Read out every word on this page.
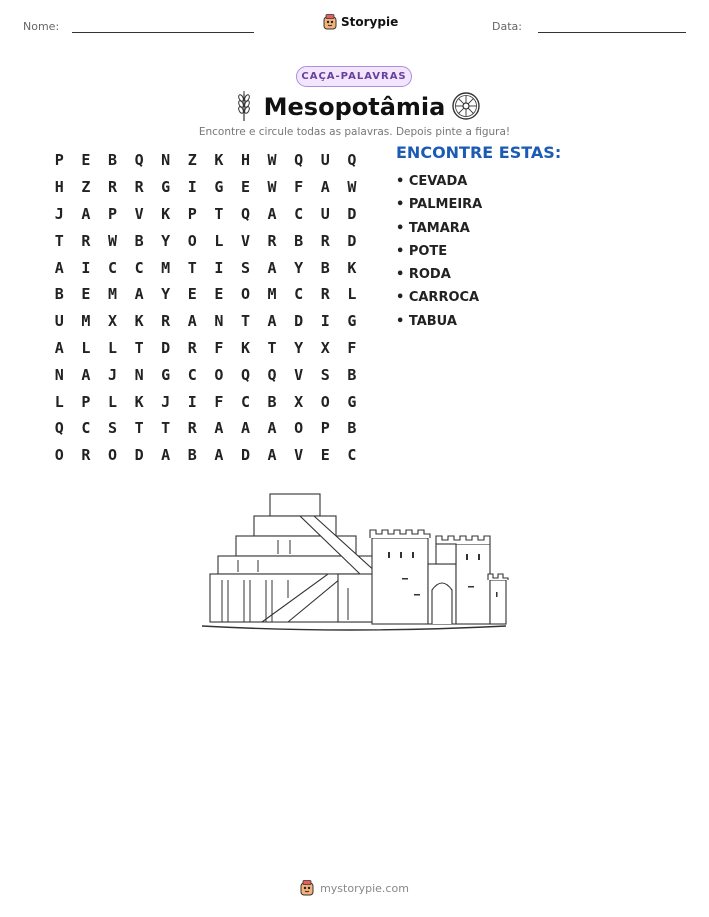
Nome:	Storypie	Data:
CAÇA-PALAVRAS
Mesopotâmia
Encontre e circule todas as palavras. Depois pinte a figura!
P	E	B	Q	N	Z	K	H	W	Q	U	Q
H	Z	R	R	G	I	G	E	W	F	A	W
J	A	P	V	K	P	T	Q	A	C	U	D
T	R	W	B	Y	O	L	V	R	B	R	D
A	I	C	C	M	T	I	S	A	Y	B	K
B	E	M	A	Y	E	E	O	M	C	R	L
U	M	X	K	R	A	N	T	A	D	I	G
A	L	L	T	D	R	F	K	T	Y	X	F
N	A	J	N	G	C	O	Q	Q	V	S	B
L	P	L	K	J	I	F	C	B	X	O	G
Q	C	S	T	T	R	A	A	A	O	P	B
O	R	O	D	A	B	A	D	A	V	E	C
ENCONTRE ESTAS:
• CEVADA
• PALMEIRA
• TAMARA
• POTE
• RODA
• CARROCA
• TABUA
mystorypie.com
